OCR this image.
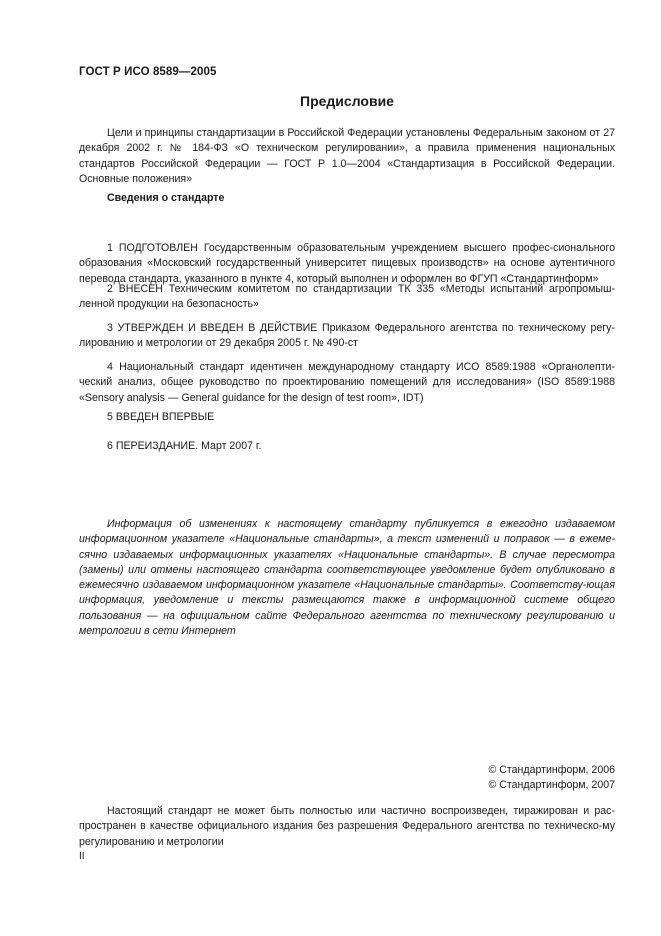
ГОСТ Р ИСО 8589—2005
Предисловие

Цели и принципы стандартизации в Российской Федерации установлены Федеральным законом от 27 декабря 2002 г. № 184-ФЗ «О техническом регулировании», а правила применения национальных стандартов Российской Федерации — ГОСТ Р 1.0—2004 «Стандартизация в Российской Федерации. Основные положения»

Сведения о стандарте

1 ПОДГОТОВЛЕН Государственным образовательным учреждением высшего профес-сионального образования «Московский государственный университет пищевых производств» на основе аутентичного перевода стандарта, указанного в пункте 4, который выполнен и оформлен во ФГУП «Стандартинформ»

2 ВНЕСЕН Техническим комитетом по стандартизации ТК 335 «Методы испытаний агропромыш-ленной продукции на безопасность»

3 УТВЕРЖДЕН И ВВЕДЕН В ДЕЙСТВИЕ Приказом Федерального агентства по техническому регу-лированию и метрологии от 29 декабря 2005 г. № 490-ст

4 Национальный стандарт идентичен международному стандарту ИСО 8589:1988 «Органолепти-ческий анализ, общее руководство по проектированию помещений для исследования» (ISO 8589:1988 «Sensory analysis — General guidance for the design of test room», IDT)

5 ВВЕДЕН ВПЕРВЫЕ

6 ПЕРЕИЗДАНИЕ. Март 2007 г.

Информация об изменениях к настоящему стандарту публикуется в ежегодно издаваемом информационном указателе «Национальные стандарты», а текст изменений и поправок — в ежеме-сячно издаваемых информационных указателях «Национальные стандарты». В случае пересмотра (замены) или отмены настоящего стандарта соответствующее уведомление будет опубликовано в ежемесячно издаваемом информационном указателе «Национальные стандарты». Соответству-ющая информация, уведомление и тексты размещаются также в информационной системе общего пользования — на официальном сайте Федерального агентства по техническому регулированию и метрологии в сети Интернет

© Стандартинформ, 2006
© Стандартинформ, 2007

Настоящий стандарт не может быть полностью или частично воспроизведен, тиражирован и рас-пространен в качестве официального издания без разрешения Федерального агентства по техническо-му регулированию и метрологии

II
